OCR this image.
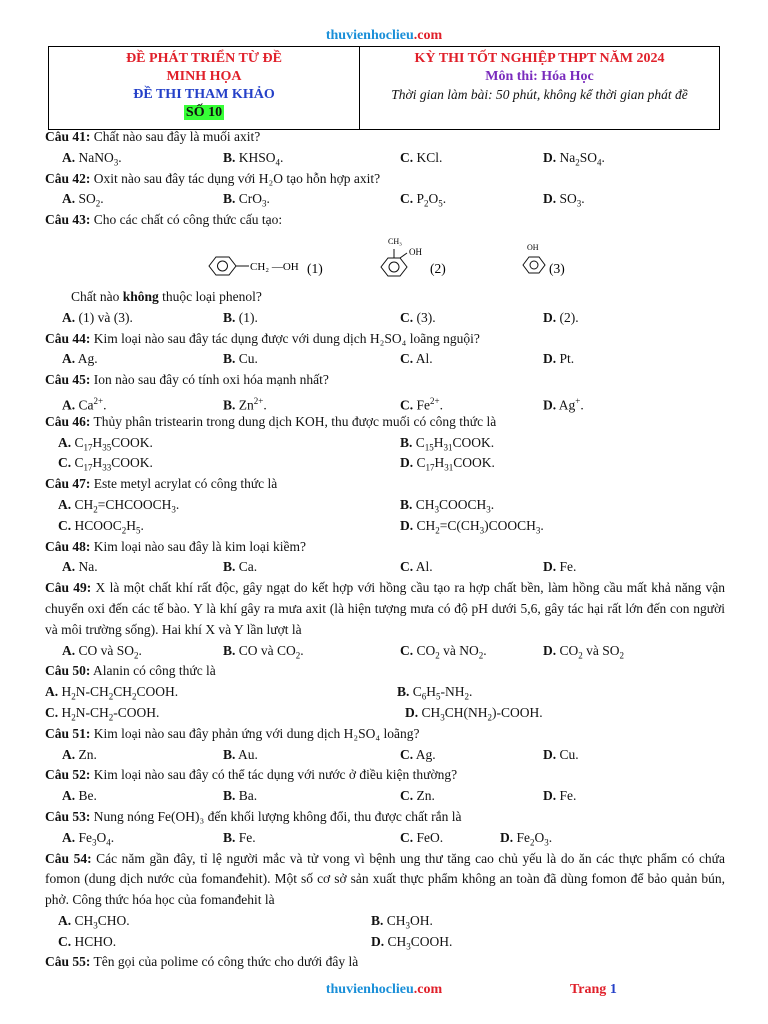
thuvienhoclieu.com
ĐỀ PHÁT TRIỂN TỪ ĐỀ
MINH HỌA
ĐỀ THI THAM KHẢO
SỐ 10
KỲ THI TỐT NGHIỆP THPT NĂM 2024
Môn thi: Hóa Học
Thời gian làm bài: 50 phút, không kể thời gian phát đề
Câu 41: Chất nào sau đây là muối axit?
A. NaNO$_3$.	B. $KHSO_4$.	C. KCl.	D. $Na_2SO_4$.
Câu 42: Oxit nào sau đây tác dụng với H₂O tạo hỗn hợp axit?
A. $SO_2$.	B. CrO$_3$.	C. $P_2O_5$.	D. $SO_3$.
Câu 43: Cho các chất có công thức cấu tạo:
CH₂ —OH (1)
CH₃
OH
(2)
OH
(3)
Chất nào không thuộc loại phenol?
A. (1) và (3).	B. (1).	C. (3).	D. (2).
Câu 44: Kim loại nào sau đây tác dụng được với dung dịch H₂SO₄ loãng nguội?
A. Ag.	B. Cu.	C. Al.	D. Pt.
Câu 45: Ion nào sau đây có tính oxi hóa mạnh nhất?
A. $Ca^{2+}$.	B. $Zn^{2+}$.	C. $Fe^{2+}$.	D. Ag+.
Câu 46: Thủy phân tristearin trong dung dịch KOH, thu được muối có công thức là
A. $C_{17}H_{35}COOK$.	B. $C_{15}H_{31}COOK$.
C. $C_{17}H_{33}COOK$.	D. $C_{17}H_{31}COOK$.
Câu 47: Este metyl acrylat có công thức là
A. $CH_2=CHCOOCH_3$.	B. $CH_3COOCH_3$.
C. $HCOOC_2H_5$.	D. $CH_2=C(CH_3)COOCH_3$.
Câu 48: Kim loại nào sau đây là kim loại kiềm?
A. Na.	B. Ca.	C. Al.	D. Fe.
Câu 49: X là một chất khí rất độc, gây ngạt do kết hợp với hồng cầu tạo ra hợp chất bền, làm hồng cầu mất khả năng vận chuyển oxi đến các tế bào. Y là khí gây ra mưa axit (là hiện tượng mưa có độ pH dưới 5,6, gây tác hại rất lớn đến con người và môi trường sống). Hai khí X và Y lần lượt là
A. CO và $SO_2$.	B. CO và $CO_2$.	C. $CO_2$ và $NO_2$.	D. $CO_2$ và $SO_2$
Câu 50: Alanin có công thức là
A. $H_2N-CH_2CH_2COOH$.	B. $C_6H_5-NH_2$.
C. $H_2N-CH_2$-COOH.	D. $CH_3CH(NH_2)$-COOH.
Câu 51: Kim loại nào sau đây phản ứng với dung dịch H₂SO₄ loãng?
A. Zn.	B. Au.	C. Ag.	D. Cu.
Câu 52: Kim loại nào sau đây có thể tác dụng với nước ở điều kiện thường?
A. Be.	B. Ba.	C. Zn.	D. Fe.
Câu 53: Nung nóng Fe(OH)₃ đến khối lượng không đổi, thu được chất rắn là
A. $Fe_3O_4$.	B. Fe.	C. FeO.	D. $Fe_2O_3$.
Câu 54: Các năm gần đây, tỉ lệ người mắc và tử vong vì bệnh ung thư tăng cao chủ yếu là do ăn các thực phẩm có chứa fomon (dung dịch nước của fomanđehit). Một số cơ sở sản xuất thực phẩm không an toàn đã dùng fomon để bảo quản bún, phở. Công thức hóa học của fomanđehit là
A. $CH_3CHO$.	B. $CH_3OH$.
C. HCHO.	D. $CH_3COOH$.
Câu 55: Tên gọi của polime có công thức cho dưới đây là
thuvienhoclieu.com	Trang 1
